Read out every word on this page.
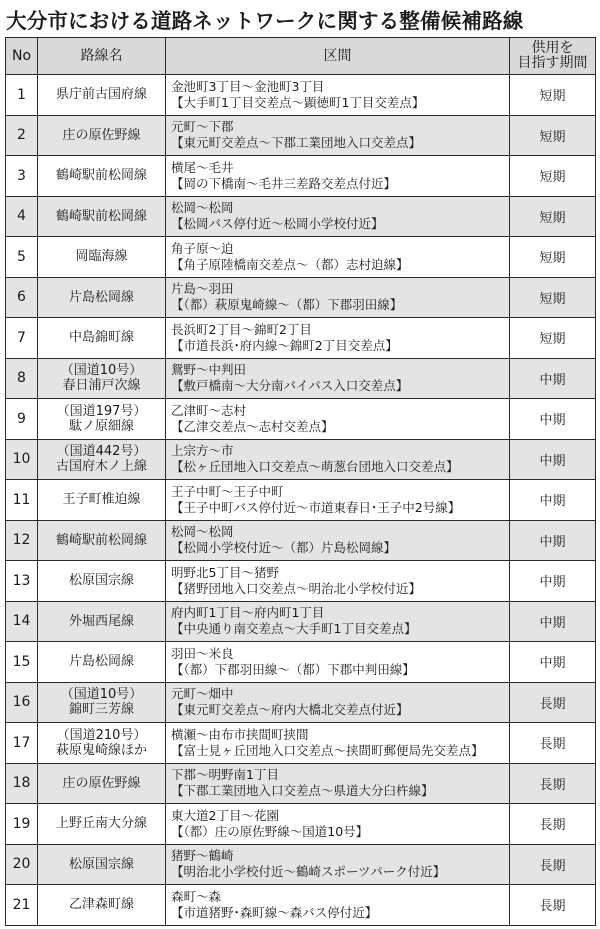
大分市における道路ネットワークに関する整備候補路線
No	路線名	区間	供用を
目指す期間

1	県庁前古国府線	金池町3丁目～金池町3丁目
【大手町1丁目交差点～顕徳町1丁目交差点】	短期
2	庄の原佐野線	元町～下郡
【東元町交差点～下郡工業団地入口交差点】	短期
3	鶴崎駅前松岡線	横尾～毛井
【岡の下橋南～毛井三差路交差点付近】	短期
4	鶴崎駅前松岡線	松岡～松岡
【松岡バス停付近～松岡小学校付近】	短期
5	岡臨海線	角子原～迫
【角子原陸橋南交差点～（都）志村迫線】	短期
6	片島松岡線	片島～羽田
【（都）萩原鬼崎線～（都）下郡羽田線】	短期
7	中島錦町線	長浜町2丁目～錦町2丁目
【市道長浜･府内線～錦町2丁目交差点】	短期
8	（国道10号）
春日浦戸次線	鴛野～中判田
【敷戸橋南～大分南バイパス入口交差点】	中期
9	（国道197号）
駄ノ原細線	乙津町～志村
【乙津交差点～志村交差点】	中期
10	（国道442号）
古国府木ノ上線	上宗方～市
【松ヶ丘団地入口交差点～萌葱台団地入口交差点】	中期
11	王子町椎迫線	王子中町～王子中町
【王子中町バス停付近～市道東春日･王子中2号線】	中期
12	鶴崎駅前松岡線	松岡～松岡
【松岡小学校付近～（都）片島松岡線】	中期
13	松原国宗線	明野北5丁目～猪野
【猪野団地入口交差点～明治北小学校付近】	中期
14	外堀西尾線	府内町1丁目～府内町1丁目
【中央通り南交差点～大手町1丁目交差点】	中期
15	片島松岡線	羽田～米良
【（都）下郡羽田線～（都）下郡中判田線】	中期
16	（国道10号）
錦町三芳線	元町～畑中
【東元町交差点～府内大橋北交差点付近】	長期
17	（国道210号）
萩原鬼崎線ほか	横瀬～由布市挟間町挟間
【富士見ヶ丘団地入口交差点～挟間町郵便局先交差点】	長期
18	庄の原佐野線	下郡～明野南1丁目
【下郡工業団地入口交差点～県道大分臼杵線】	長期
19	上野丘南大分線	東大道2丁目～花園
【（都）庄の原佐野線～国道10号】	長期
20	松原国宗線	猪野～鶴崎
【明治北小学校付近～鶴崎スポーツパーク付近】	長期
21	乙津森町線	森町～森
【市道猪野･森町線～森バス停付近】	長期
